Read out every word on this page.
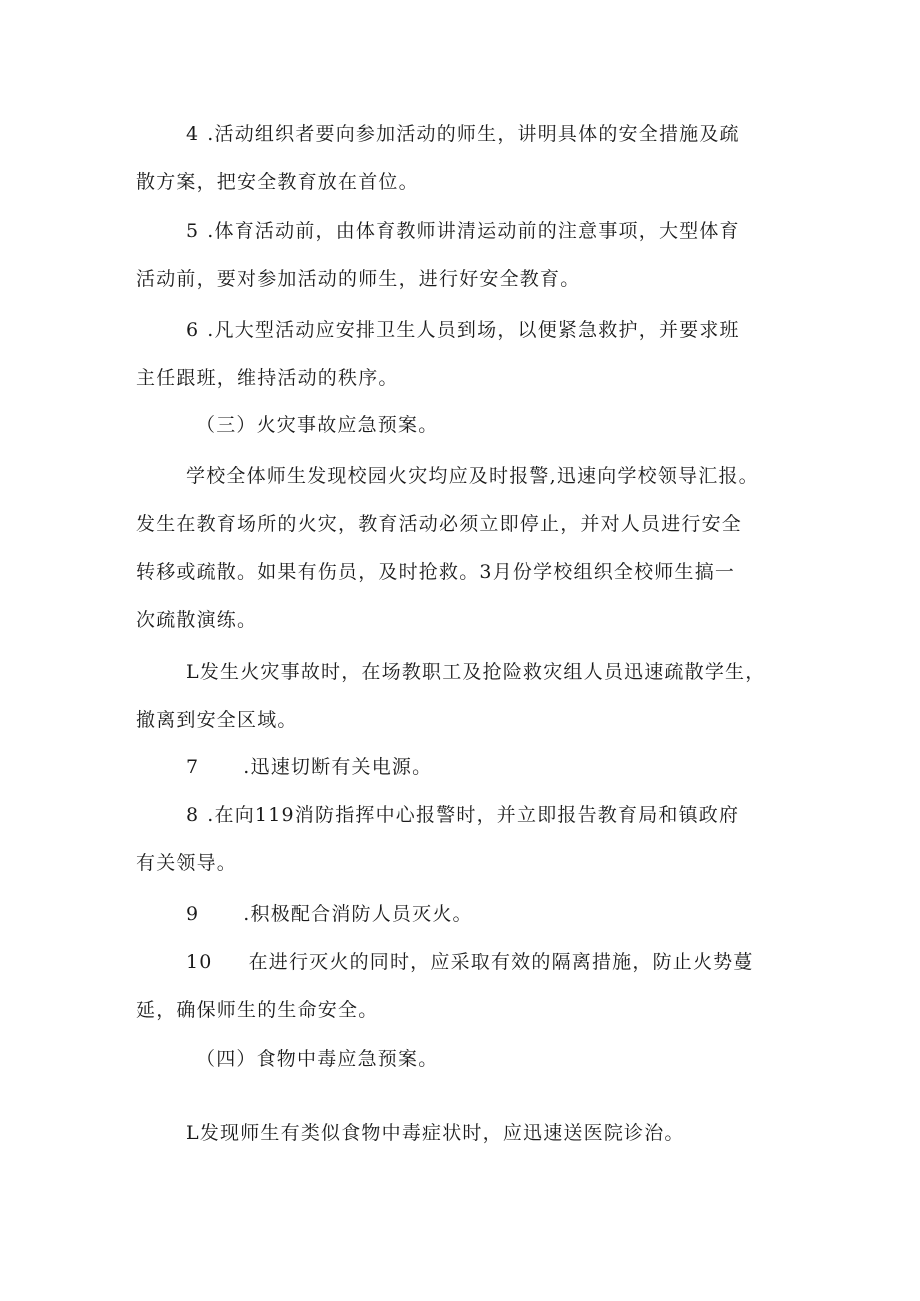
4 .活动组织者要向参加活动的师生，讲明具体的安全措施及疏
散方案，把安全教育放在首位。
5 .体育活动前，由体育教师讲清运动前的注意事项，大型体育
活动前，要对参加活动的师生，进行好安全教育。
6 .凡大型活动应安排卫生人员到场，以便紧急救护，并要求班
主任跟班，维持活动的秩序。
（三）火灾事故应急预案。
学校全体师生发现校园火灾均应及时报警,迅速向学校领导汇报。
发生在教育场所的火灾，教育活动必须立即停止，并对人员进行安全
转移或疏散。如果有伤员，及时抢救。3月份学校组织全校师生搞一
次疏散演练。
L发生火灾事故时，在场教职工及抢险救灾组人员迅速疏散学生，
撤离到安全区域。
7 .迅速切断有关电源。
8 .在向119消防指挥中心报警时，并立即报告教育局和镇政府
有关领导。
9 .积极配合消防人员灭火。
10 在进行灭火的同时，应采取有效的隔离措施，防止火势蔓
延，确保师生的生命安全。
（四）食物中毒应急预案。
L发现师生有类似食物中毒症状时，应迅速送医院诊治。
